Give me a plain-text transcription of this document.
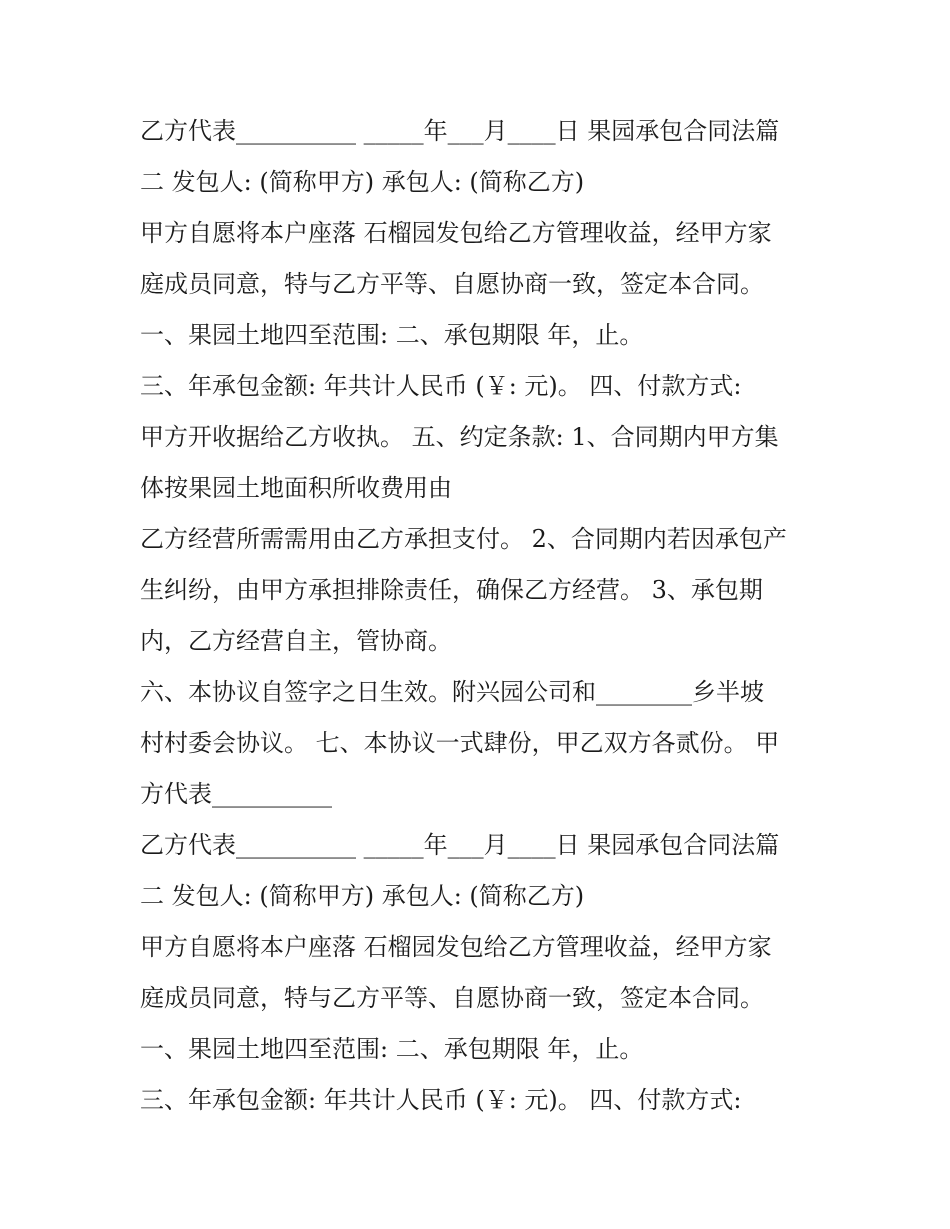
乙方代表__________ _____年___月____日 果园承包合同法篇
二 发包人: (简称甲方) 承包人: (简称乙方)
甲方自愿将本户座落 石榴园发包给乙方管理收益，经甲方家
庭成员同意，特与乙方平等、自愿协商一致，签定本合同。
一、果园土地四至范围: 二、承包期限 年，止。
三、年承包金额: 年共计人民币 (￥: 元)。 四、付款方式:
甲方开收据给乙方收执。 五、约定条款: 1、合同期内甲方集
体按果园土地面积所收费用由
乙方经营所需需用由乙方承担支付。 2、合同期内若因承包产
生纠纷，由甲方承担排除责任，确保乙方经营。 3、承包期
内，乙方经营自主，管协商。
六、本协议自签字之日生效。附兴园公司和________乡半坡
村村委会协议。 七、本协议一式肆份，甲乙双方各贰份。 甲
方代表__________
乙方代表__________ _____年___月____日 果园承包合同法篇
二 发包人: (简称甲方) 承包人: (简称乙方)
甲方自愿将本户座落 石榴园发包给乙方管理收益，经甲方家
庭成员同意，特与乙方平等、自愿协商一致，签定本合同。
一、果园土地四至范围: 二、承包期限 年，止。
三、年承包金额: 年共计人民币 (￥: 元)。 四、付款方式:
